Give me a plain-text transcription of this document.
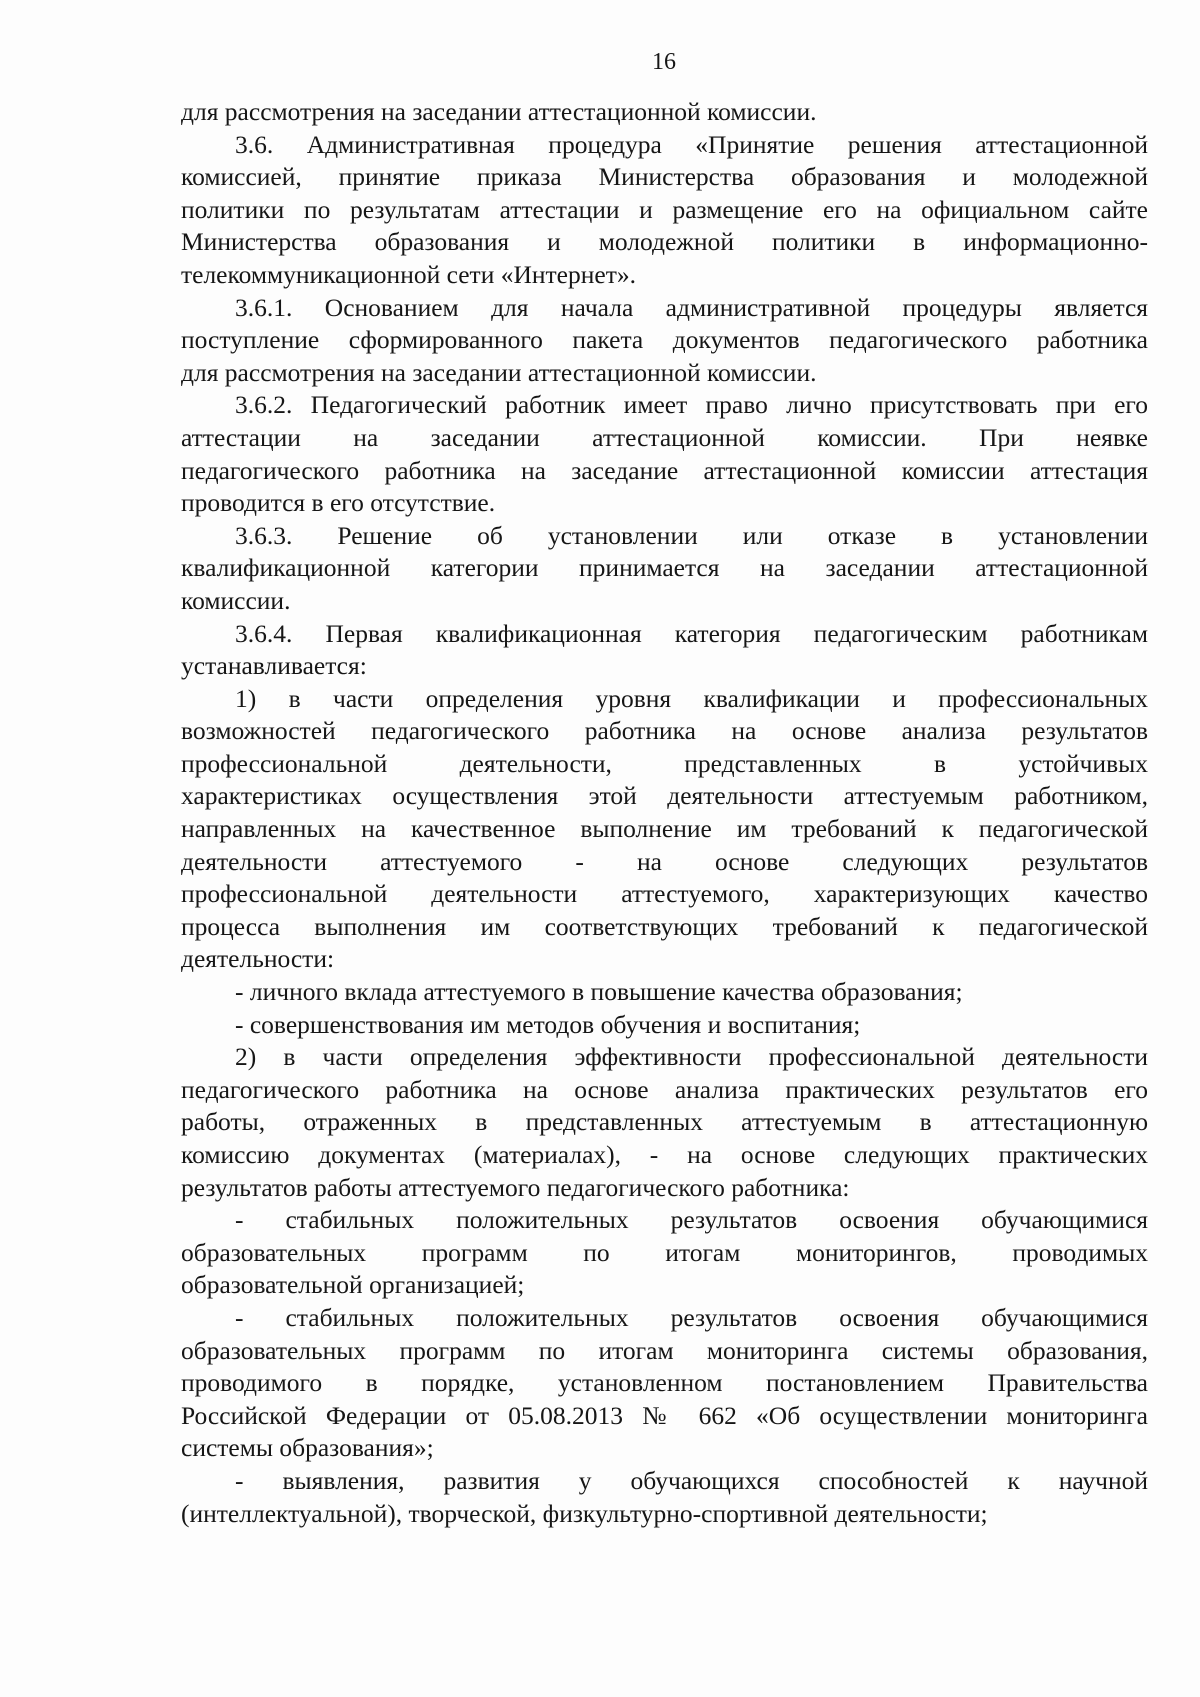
16
для рассмотрения на заседании аттестационной комиссии.
3.6. Административная процедура «Принятие решения аттестационной
комиссией, принятие приказа Министерства образования и молодежной
политики по результатам аттестации и размещение его на официальном сайте
Министерства образования и молодежной политики в информационно-
телекоммуникационной сети «Интернет».
3.6.1. Основанием для начала административной процедуры является
поступление сформированного пакета документов педагогического работника
для рассмотрения на заседании аттестационной комиссии.
3.6.2. Педагогический работник имеет право лично присутствовать при его
аттестации на заседании аттестационной комиссии. При неявке
педагогического работника на заседание аттестационной комиссии аттестация
проводится в его отсутствие.
3.6.3. Решение об установлении или отказе в установлении
квалификационной категории принимается на заседании аттестационной
комиссии.
3.6.4. Первая квалификационная категория педагогическим работникам
устанавливается:
1) в части определения уровня квалификации и профессиональных
возможностей педагогического работника на основе анализа результатов
профессиональной деятельности, представленных в устойчивых
характеристиках осуществления этой деятельности аттестуемым работником,
направленных на качественное выполнение им требований к педагогической
деятельности аттестуемого - на основе следующих результатов
профессиональной деятельности аттестуемого, характеризующих качество
процесса выполнения им соответствующих требований к педагогической
деятельности:
- личного вклада аттестуемого в повышение качества образования;
- совершенствования им методов обучения и воспитания;
2) в части определения эффективности профессиональной деятельности
педагогического работника на основе анализа практических результатов его
работы, отраженных в представленных аттестуемым в аттестационную
комиссию документах (материалах), - на основе следующих практических
результатов работы аттестуемого педагогического работника:
- стабильных положительных результатов освоения обучающимися
образовательных программ по итогам мониторингов, проводимых
образовательной организацией;
- стабильных положительных результатов освоения обучающимися
образовательных программ по итогам мониторинга системы образования,
проводимого в порядке, установленном постановлением Правительства
Российской Федерации от 05.08.2013 № 662 «Об осуществлении мониторинга
системы образования»;
- выявления, развития у обучающихся способностей к научной
(интеллектуальной), творческой, физкультурно-спортивной деятельности;
